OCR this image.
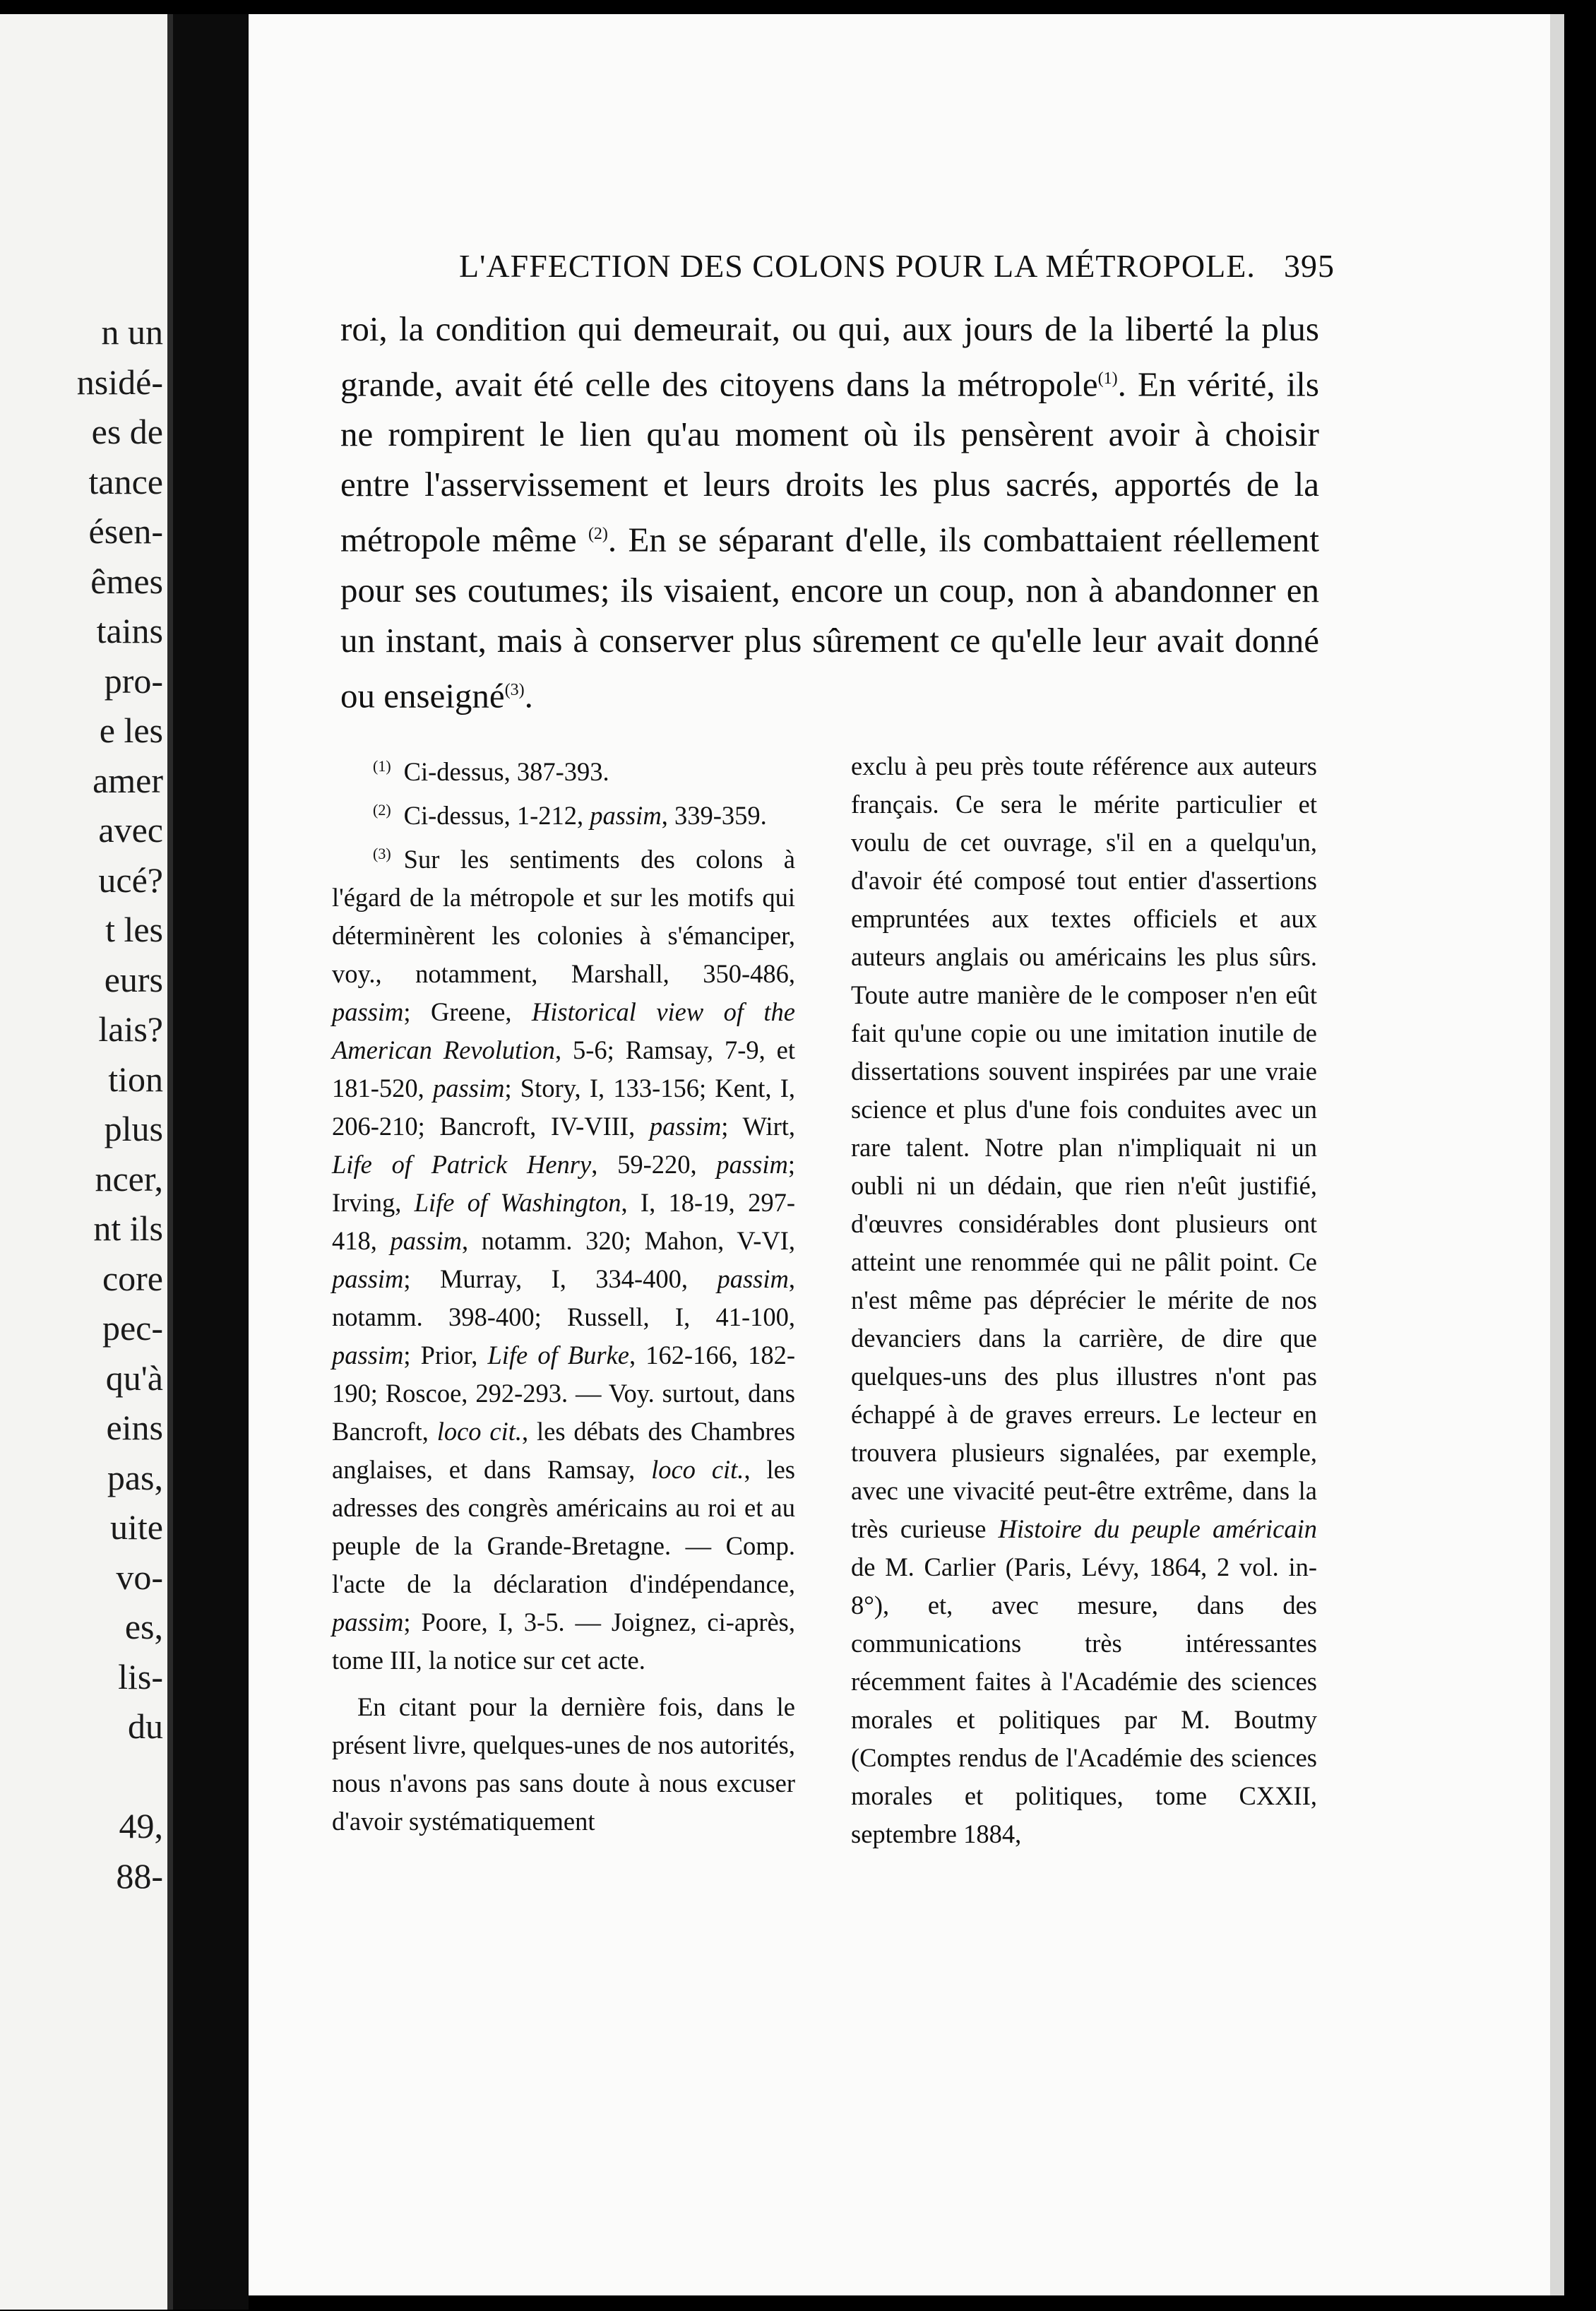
n un
nsidé-
es de
tance
ésen-
êmes
tains
pro-
e les
amer
avec
ucé?
t les
eurs
lais?
tion
plus
ncer,
nt ils
core
pec-
qu'à
eins
pas,
uite
vo-
es,
lis-
du
49,
88-
L'AFFECTION DES COLONS POUR LA MÉTROPOLE. 395

roi, la condition qui demeurait, ou qui, aux jours de la liberté la plus grande, avait été celle des citoyens dans la métropole$^{(1)}$. En vérité, ils ne rompirent le lien qu'au moment où ils pensèrent avoir à choisir entre l'asservissement et leurs droits les plus sacrés, apportés de la métropole même $^{(2)}$. En se séparant d'elle, ils combattaient réellement pour ses coutumes; ils visaient, encore un coup, non à abandonner en un instant, mais à conserver plus sûrement ce qu'elle leur avait donné ou enseigné$^{(3)}$.

$^{(1)}$ Ci-dessus, 387-393.

$^{(2)}$ Ci-dessus, 1-212, passim, 339-359.

$^{(3)}$ Sur les sentiments des colons à l'égard de la métropole et sur les motifs qui déterminèrent les colonies à s'émanciper, voy., notamment, Marshall, 350-486, passim; Greene, Historical view of the American Revolution, 5-6; Ramsay, 7-9, et 181-520, passim; Story, I, 133-156; Kent, I, 206-210; Bancroft, IV-VIII, passim; Wirt, Life of Patrick Henry, 59-220, passim; Irving, Life of Washington, I, 18-19, 297-418, passim, notamm. 320; Mahon, V-VI, passim; Murray, I, 334-400, passim, notamm. 398-400; Russell, I, 41-100, passim; Prior, Life of Burke, 162-166, 182-190; Roscoe, 292-293. — Voy. surtout, dans Bancroft, loco cit., les débats des Chambres anglaises, et dans Ramsay, loco cit., les adresses des congrès américains au roi et au peuple de la Grande-Bretagne. — Comp. l'acte de la déclaration d'indépendance, passim; Poore, I, 3-5. — Joignez, ci-après, tome III, la notice sur cet acte.

En citant pour la dernière fois, dans le présent livre, quelques-unes de nos autorités, nous n'avons pas sans doute à nous excuser d'avoir systématiquement

exclu à peu près toute référence aux auteurs français. Ce sera le mérite particulier et voulu de cet ouvrage, s'il en a quelqu'un, d'avoir été composé tout entier d'assertions empruntées aux textes officiels et aux auteurs anglais ou américains les plus sûrs. Toute autre manière de le composer n'en eût fait qu'une copie ou une imitation inutile de dissertations souvent inspirées par une vraie science et plus d'une fois conduites avec un rare talent. Notre plan n'impliquait ni un oubli ni un dédain, que rien n'eût justifié, d'œuvres considérables dont plusieurs ont atteint une renommée qui ne pâlit point. Ce n'est même pas déprécier le mérite de nos devanciers dans la carrière, de dire que quelques-uns des plus illustres n'ont pas échappé à de graves erreurs. Le lecteur en trouvera plusieurs signalées, par exemple, avec une vivacité peut-être extrême, dans la très curieuse Histoire du peuple américain de M. Carlier (Paris, Lévy, 1864, 2 vol. in-8°), et, avec mesure, dans des communications très intéressantes récemment faites à l'Académie des sciences morales et politiques par M. Boutmy (Comptes rendus de l'Académie des sciences morales et politiques, tome CXXII, septembre 1884,
